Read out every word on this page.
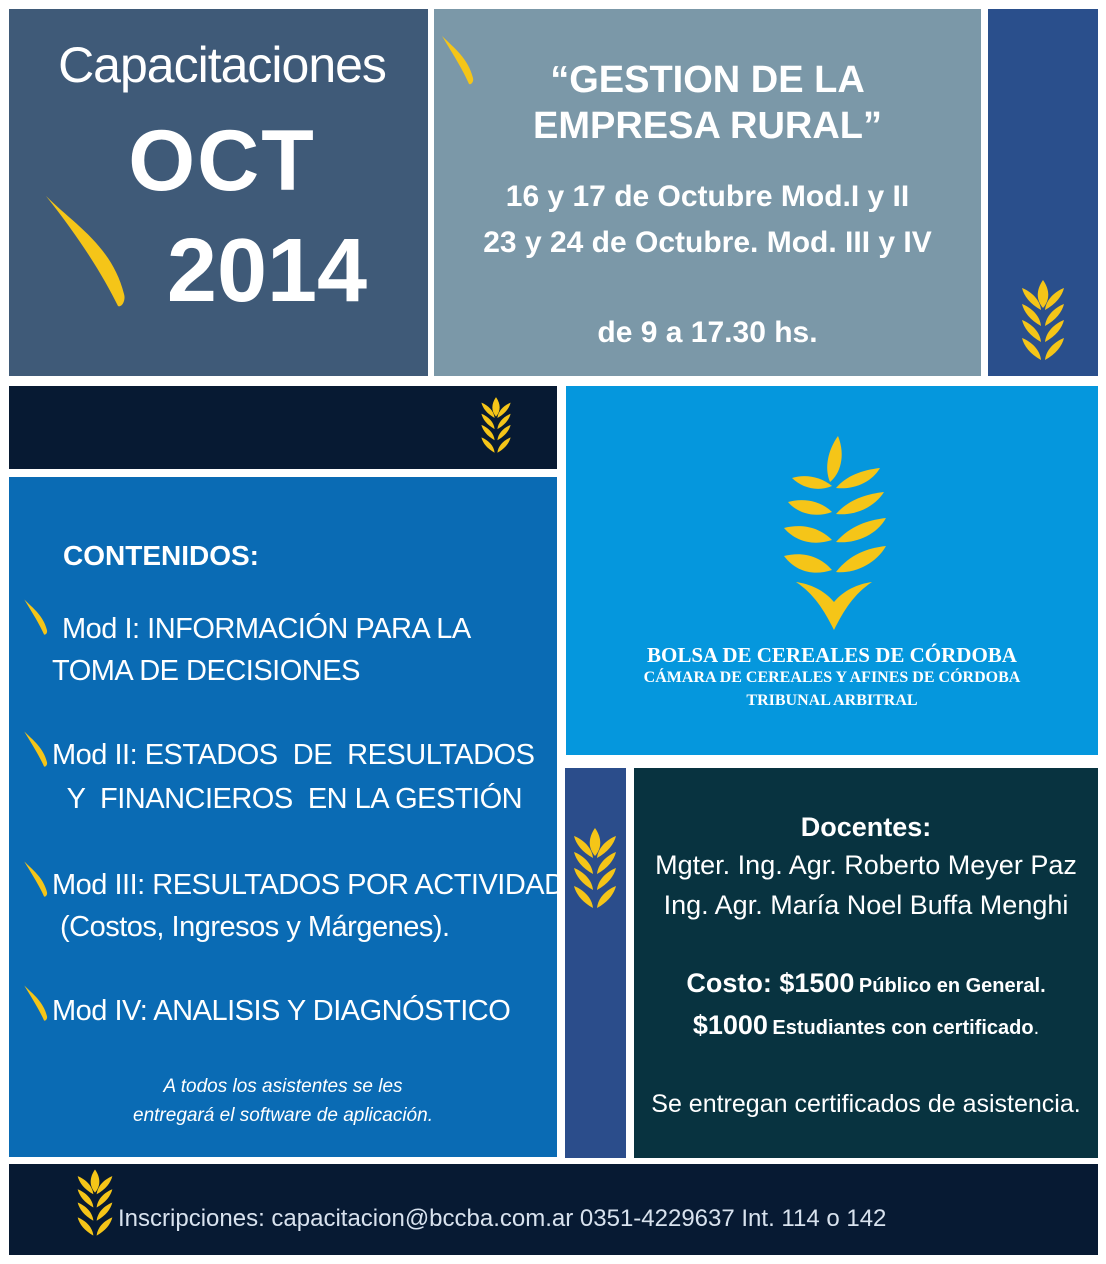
Capacitaciones
OCT
2014
“GESTION DE LA
EMPRESA RURAL”
16 y 17 de Octubre Mod.I y II
23 y 24 de Octubre. Mod. III y IV
de 9 a 17.30 hs.
BOLSA DE CEREALES DE CÓRDOBA
CÁMARA DE CEREALES Y AFINES DE CÓRDOBA
TRIBUNAL ARBITRAL
CONTENIDOS:
Mod I: INFORMACIÓN PARA LA
TOMA DE DECISIONES
Mod II: ESTADOS  DE  RESULTADOS
Y  FINANCIEROS  EN LA GESTIÓN
Mod III: RESULTADOS POR ACTIVIDAD
(Costos, Ingresos y Márgenes).
Mod IV: ANALISIS Y DIAGNÓSTICO
A todos los asistentes se les
entregará el software de aplicación.
Docentes:
Mgter. Ing. Agr. Roberto Meyer Paz
Ing. Agr. María Noel Buffa Menghi
Costo: $1500 Público en General.
$1000 Estudiantes con certificado.
Se entregan certificados de asistencia.
Inscripciones: capacitacion@bccba.com.ar 0351-4229637 Int. 114 o 142
